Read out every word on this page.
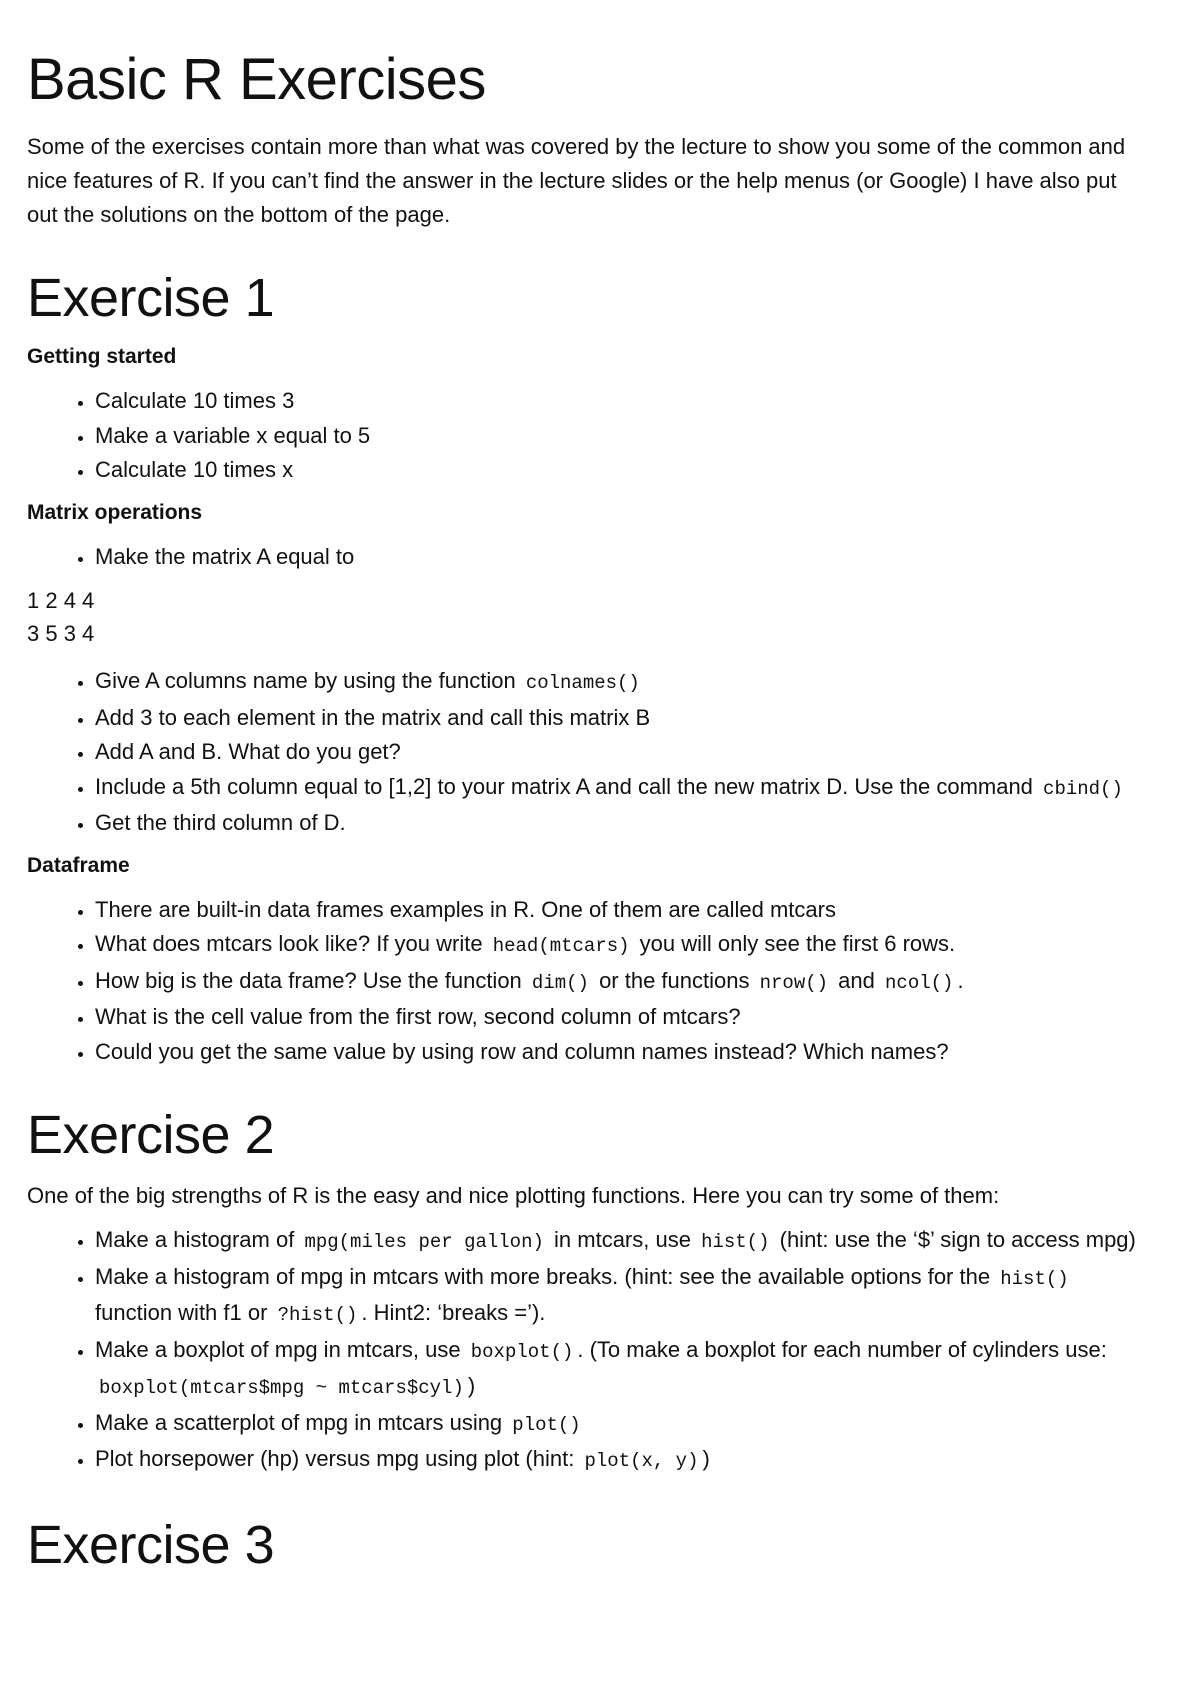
Basic R Exercises

Some of the exercises contain more than what was covered by the lecture to show you some of the common and nice features of R. If you can’t find the answer in the lecture slides or the help menus (or Google) I have also put out the solutions on the bottom of the page.

Exercise 1
Getting started
• Calculate 10 times 3
• Make a variable x equal to 5
• Calculate 10 times x
Matrix operations
• Make the matrix A equal to
1 2 4 4
3 5 3 4
• Give A columns name by using the function colnames()
• Add 3 to each element in the matrix and call this matrix B
• Add A and B. What do you get?
• Include a 5th column equal to [1,2] to your matrix A and call the new matrix D. Use the command cbind()
• Get the third column of D.
Dataframe
• There are built-in data frames examples in R. One of them are called mtcars
• What does mtcars look like? If you write head(mtcars) you will only see the first 6 rows.
• How big is the data frame? Use the function dim() or the functions nrow() and ncol() .
• What is the cell value from the first row, second column of mtcars?
• Could you get the same value by using row and column names instead? Which names?
Exercise 2

One of the big strengths of R is the easy and nice plotting functions. Here you can try some of them:

• Make a histogram of mpg(miles per gallon) in mtcars, use hist() (hint: use the ‘$’ sign to access mpg)
• Make a histogram of mpg in mtcars with more breaks. (hint: see the available options for the hist() function with f1 or ?hist() . Hint2: ‘breaks =’).
• Make a boxplot of mpg in mtcars, use boxplot() . (To make a boxplot for each number of cylinders use: boxplot(mtcars$mpg ~ mtcars$cyl) )
• Make a scatterplot of mpg in mtcars using plot()
• Plot horsepower (hp) versus mpg using plot (hint: plot(x, y) )
Exercise 3
